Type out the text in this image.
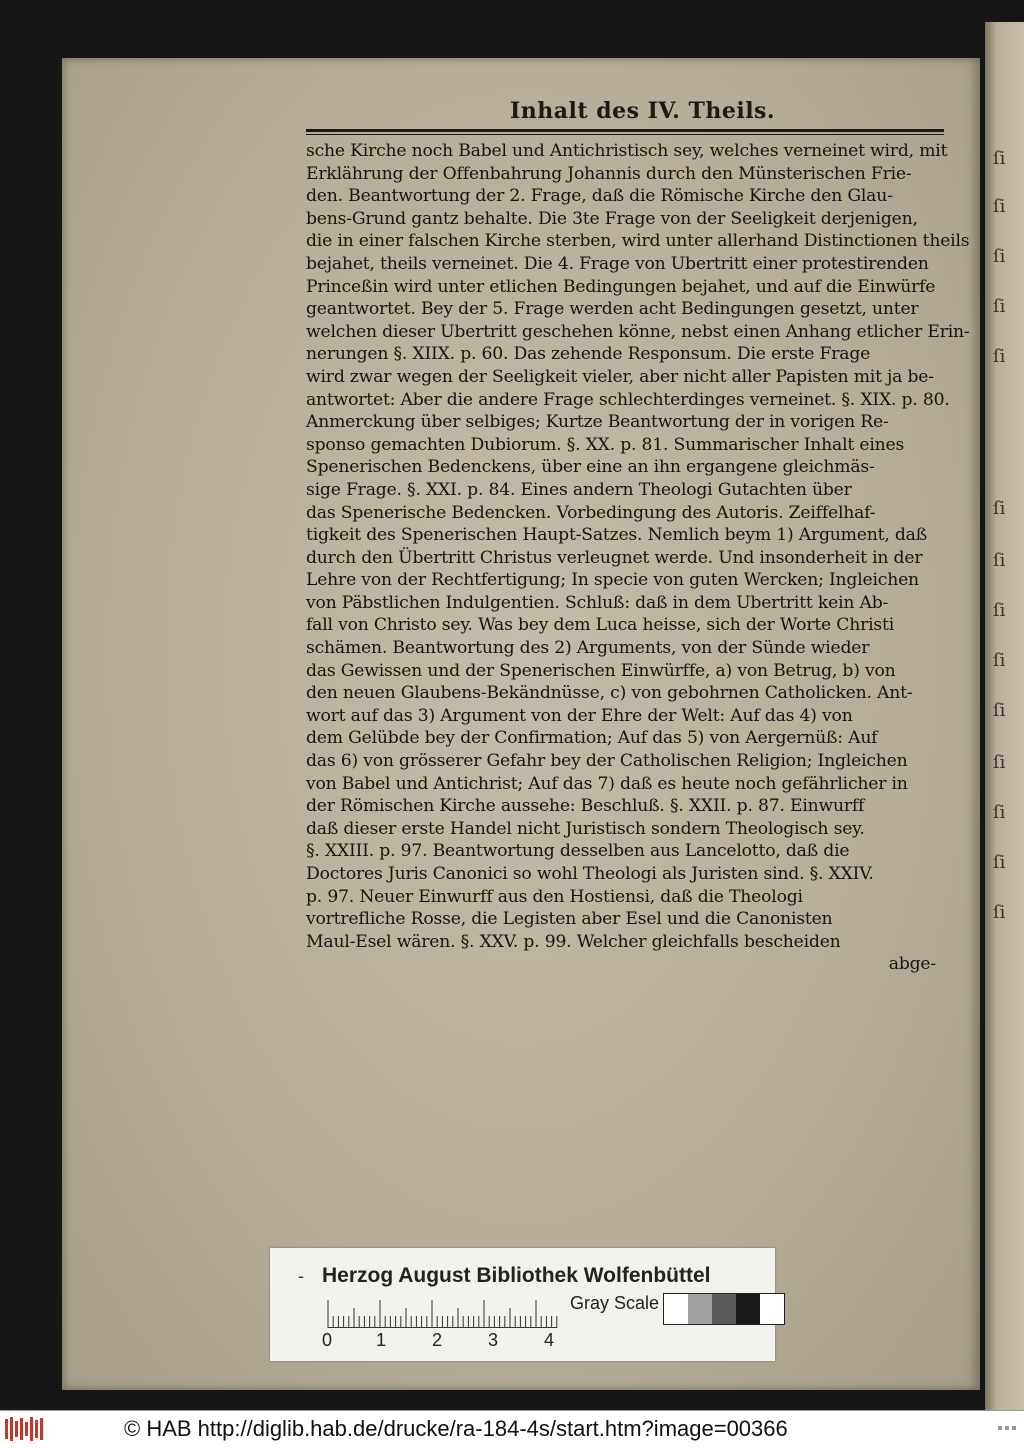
ſi
ſi
ſi
ſi
ſi
ſi
ſi
ſi
ſi
ſi
ſi
ſi
ſi
ſi
Inhalt des IV. Theils.
sche Kirche noch Babel und Antichristisch sey, welches verneinet wird, mit
Erklährung der Offenbahrung Johannis durch den Münsterischen Frie-
den. Beantwortung der 2. Frage, daß die Römische Kirche den Glau-
bens-Grund gantz behalte. Die 3te Frage von der Seeligkeit derjenigen,
die in einer falschen Kirche sterben, wird unter allerhand Distinctionen theils
bejahet, theils verneinet. Die 4. Frage von Ubertritt einer protestirenden
Princeßin wird unter etlichen Bedingungen bejahet, und auf die Einwürfe
geantwortet. Bey der 5. Frage werden acht Bedingungen gesetzt, unter
welchen dieser Ubertritt geschehen könne, nebst einen Anhang etlicher Erin-
nerungen §. XIIX. p. 60. Das zehende Responsum. Die erste Frage
wird zwar wegen der Seeligkeit vieler, aber nicht aller Papisten mit ja be-
antwortet: Aber die andere Frage schlechterdinges verneinet. §. XIX. p. 80.
Anmerckung über selbiges; Kurtze Beantwortung der in vorigen Re-
sponso gemachten Dubiorum. §. XX. p. 81. Summarischer Inhalt eines
Spenerischen Bedenckens, über eine an ihn ergangene gleichmäs-
sige Frage. §. XXI. p. 84. Eines andern Theologi Gutachten über
das Spenerische Bedencken. Vorbedingung des Autoris. Zeiffelhaf-
tigkeit des Spenerischen Haupt-Satzes. Nemlich beym 1) Argument, daß
durch den Übertritt Christus verleugnet werde. Und insonderheit in der
Lehre von der Rechtfertigung; In specie von guten Wercken; Ingleichen
von Päbstlichen Indulgentien. Schluß: daß in dem Ubertritt kein Ab-
fall von Christo sey. Was bey dem Luca heisse, sich der Worte Christi
schämen. Beantwortung des 2) Arguments, von der Sünde wieder
das Gewissen und der Spenerischen Einwürffe, a) von Betrug, b) von
den neuen Glaubens-Bekändnüsse, c) von gebohrnen Catholicken. Ant-
wort auf das 3) Argument von der Ehre der Welt: Auf das 4) von
dem Gelübde bey der Confirmation; Auf das 5) von Aergernüß: Auf
das 6) von grösserer Gefahr bey der Catholischen Religion; Ingleichen
von Babel und Antichrist; Auf das 7) daß es heute noch gefährlicher in
der Römischen Kirche aussehe: Beschluß. §. XXII. p. 87. Einwurff
daß dieser erste Handel nicht Juristisch sondern Theologisch sey.
§. XXIII. p. 97. Beantwortung desselben aus Lancelotto, daß die
Doctores Juris Canonici so wohl Theologi als Juristen sind. §. XXIV.
p. 97. Neuer Einwurff aus den Hostiensi, daß die Theologi
vortrefliche Rosse, die Legisten aber Esel und die Canonisten
Maul-Esel wären. §. XXV. p. 99. Welcher gleichfalls bescheiden
abge-
- Herzog August Bibliothek Wolfenbüttel
0 1	2	3	4
Gray Scale
© HAB http://diglib.hab.de/drucke/ra-184-4s/start.htm?image=00366
